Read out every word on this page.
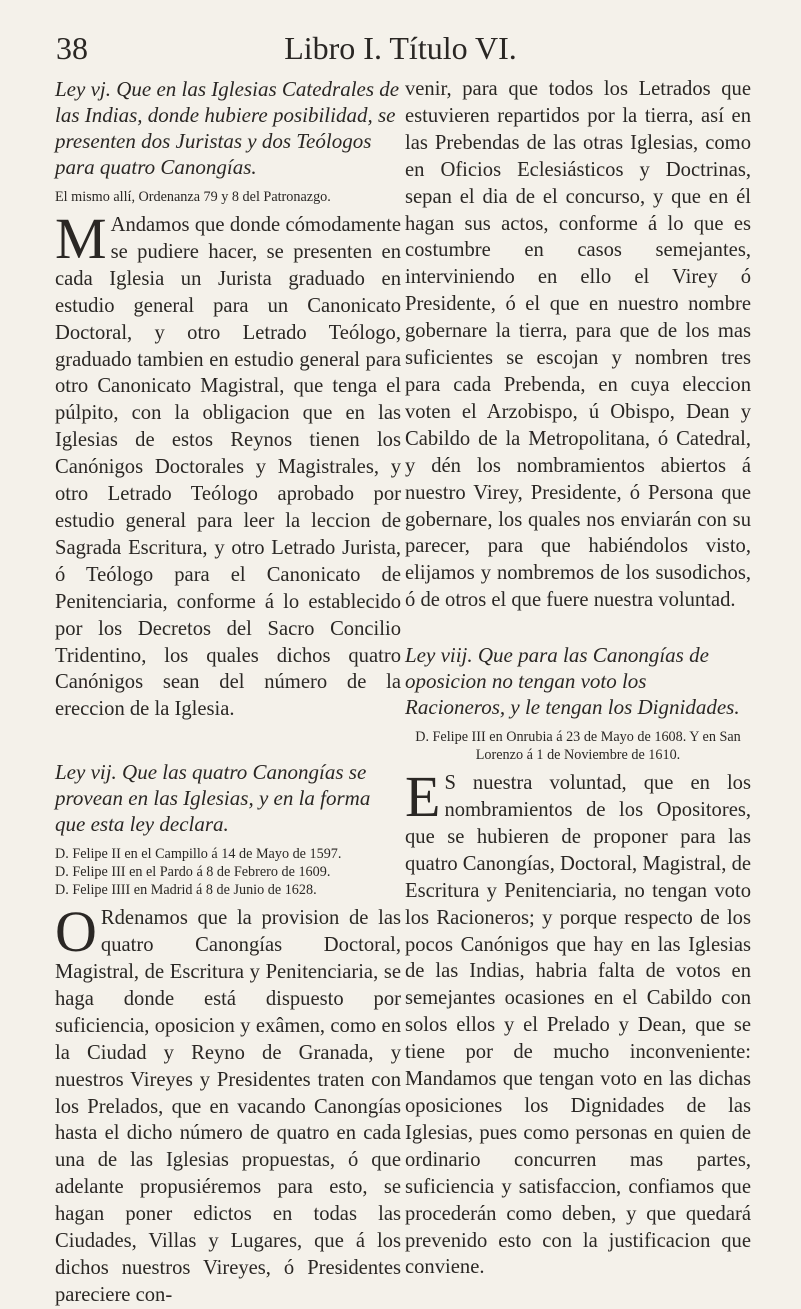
38	Libro I. Título VI.

Ley vj. Que en las Iglesias Catedrales de las Indias, donde hubiere posibilidad, se presenten dos Juristas y dos Teólogos para quatro Canongías.

El mismo allí, Ordenanza 79 y 8 del Patronazgo.

M Andamos que donde cómodamente se pudiere hacer, se presenten en cada Iglesia un Jurista graduado en estudio general para un Canonicato Doctoral, y otro Letrado Teólogo, graduado tambien en estudio general para otro Canonicato Magistral, que tenga el púlpito, con la obligacion que en las Iglesias de estos Reynos tienen los Canónigos Doctorales y Magistrales, y otro Letrado Teólogo aprobado por estudio general para leer la leccion de Sagrada Escritura, y otro Letrado Jurista, ó Teólogo para el Canonicato de Penitenciaria, conforme á lo establecido por los Decretos del Sacro Concilio Tridentino, los quales dichos quatro Canónigos sean del número de la ereccion de la Iglesia.

Ley vij. Que las quatro Canongías se provean en las Iglesias, y en la forma que esta ley declara.

D. Felipe II en el Campillo á 14 de Mayo de 1597.

D. Felipe III en el Pardo á 8 de Febrero de 1609.

D. Felipe IIII en Madrid á 8 de Junio de 1628.

O Rdenamos que la provision de las quatro Canongías Doctoral, Magistral, de Escritura y Penitenciaria, se haga donde está dispuesto por suficiencia, oposicion y exâmen, como en la Ciudad y Reyno de Granada, y nuestros Vireyes y Presidentes traten con los Prelados, que en vacando Canongías hasta el dicho número de quatro en cada una de las Iglesias propuestas, ó que adelante propusiéremos para esto, se hagan poner edictos en todas las Ciudades, Villas y Lugares, que á los dichos nuestros Vireyes, ó Presidentes pareciere con-

venir, para que todos los Letrados que estuvieren repartidos por la tierra, así en las Prebendas de las otras Iglesias, como en Oficios Eclesiásticos y Doctrinas, sepan el dia de el concurso, y que en él hagan sus actos, conforme á lo que es costumbre en casos semejantes, interviniendo en ello el Virey ó Presidente, ó el que en nuestro nombre gobernare la tierra, para que de los mas suficientes se escojan y nombren tres para cada Prebenda, en cuya eleccion voten el Arzobispo, ú Obispo, Dean y Cabildo de la Metropolitana, ó Catedral, y dén los nombramientos abiertos á nuestro Virey, Presidente, ó Persona que gobernare, los quales nos enviarán con su parecer, para que habiéndolos visto, elijamos y nombremos de los susodichos, ó de otros el que fuere nuestra voluntad.

Ley viij. Que para las Canongías de oposicion no tengan voto los Racioneros, y le tengan los Dignidades.

D. Felipe III en Onrubia á 23 de Mayo de 1608. Y en San Lorenzo á 1 de Noviembre de 1610.

E S nuestra voluntad, que en los nombramientos de los Opositores, que se hubieren de proponer para las quatro Canongías, Doctoral, Magistral, de Escritura y Penitenciaria, no tengan voto los Racioneros; y porque respecto de los pocos Canónigos que hay en las Iglesias de las Indias, habria falta de votos en semejantes ocasiones en el Cabildo con solos ellos y el Prelado y Dean, que se tiene por de mucho inconveniente: Mandamos que tengan voto en las dichas oposiciones los Dignidades de las Iglesias, pues como personas en quien de ordinario concurren mas partes, suficiencia y satisfaccion, confiamos que procederán como deben, y que quedará prevenido esto con la justificacion que conviene.
